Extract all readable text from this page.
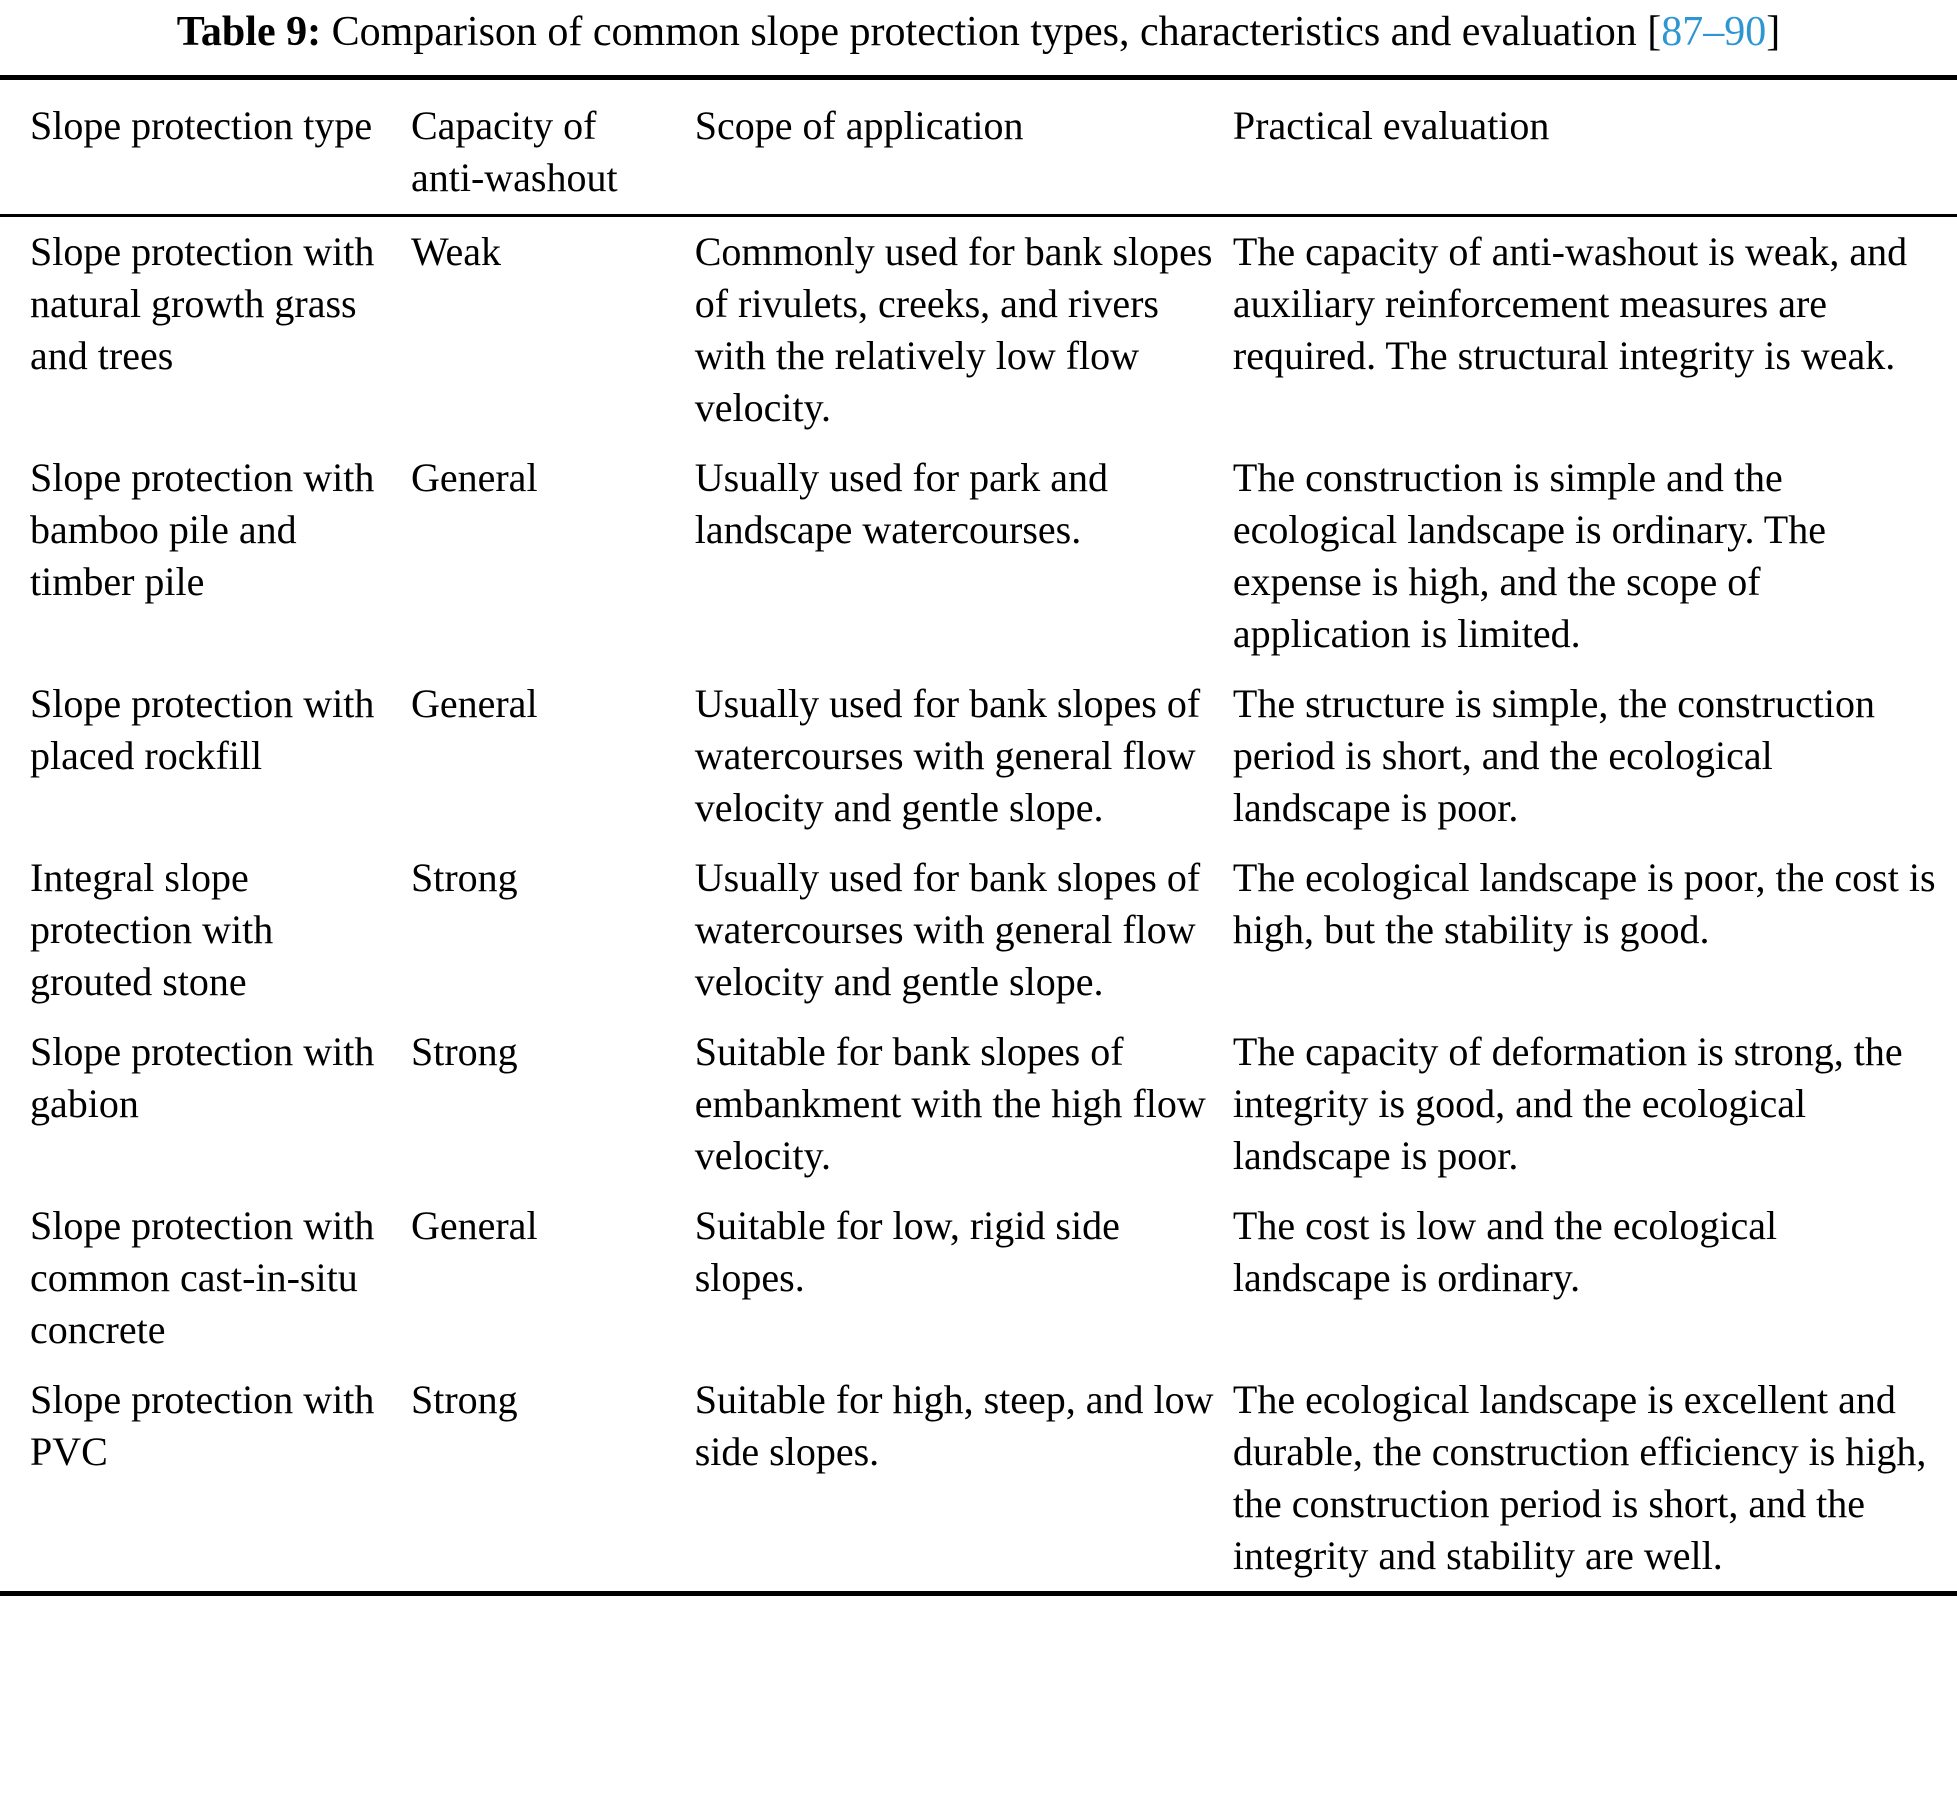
Table 9: Comparison of common slope protection types, characteristics and evaluation [87–90]
Slope protection type	Capacity of anti-washout	Scope of application	Practical evaluation
Slope protection with natural growth grass and trees	Weak	Commonly used for bank slopes of rivulets, creeks, and rivers with the relatively low flow velocity.	The capacity of anti-washout is weak, and auxiliary reinforcement measures are required. The structural integrity is weak.
Slope protection with bamboo pile and timber pile	General	Usually used for park and landscape watercourses.	The construction is simple and the ecological landscape is ordinary. The expense is high, and the scope of application is limited.
Slope protection with placed rockfill	General	Usually used for bank slopes of watercourses with general flow velocity and gentle slope.	The structure is simple, the construction period is short, and the ecological landscape is poor.
Integral slope protection with grouted stone	Strong	Usually used for bank slopes of watercourses with general flow velocity and gentle slope.	The ecological landscape is poor, the cost is high, but the stability is good.
Slope protection with gabion	Strong	Suitable for bank slopes of embankment with the high flow velocity.	The capacity of deformation is strong, the integrity is good, and the ecological landscape is poor.
Slope protection with common cast-in-situ concrete	General	Suitable for low, rigid side slopes.	The cost is low and the ecological landscape is ordinary.
Slope protection with PVC	Strong	Suitable for high, steep, and low side slopes.	The ecological landscape is excellent and durable, the construction efficiency is high, the construction period is short, and the integrity and stability are well.
